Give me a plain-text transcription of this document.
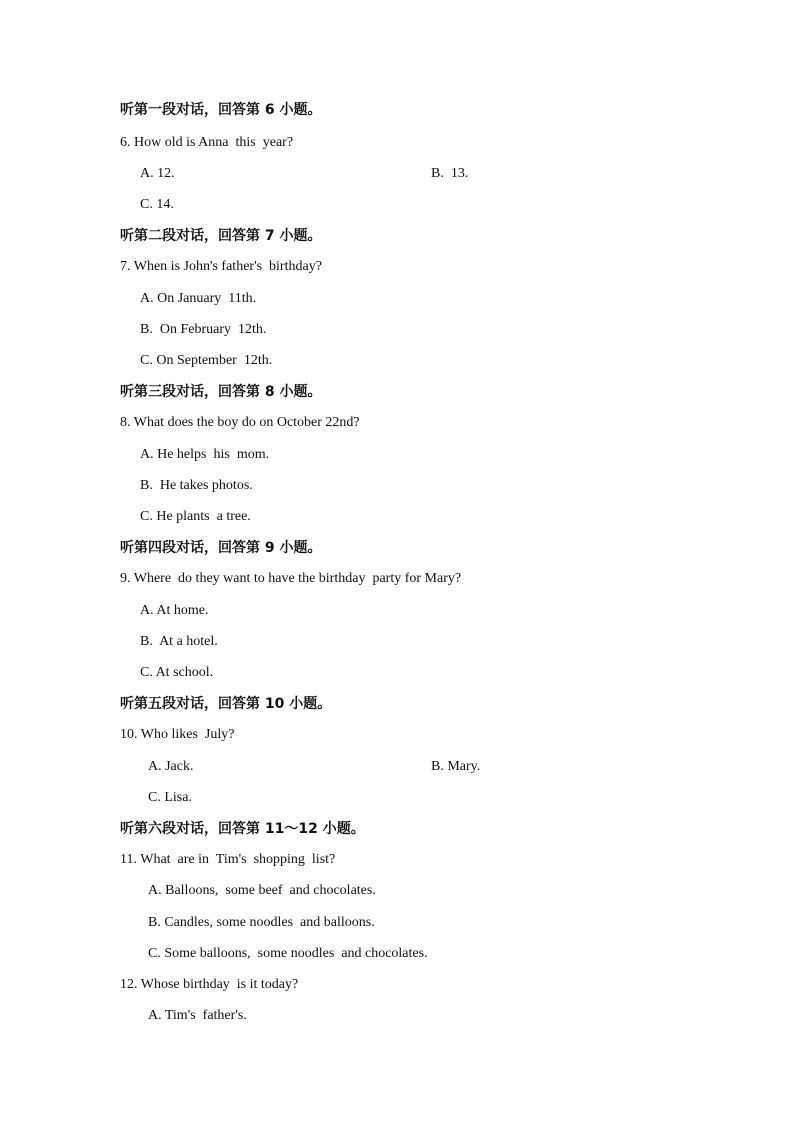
听第一段对话，回答第 6 小题。
6. How old is Anna  this  year?
A. 12.	B.  13.
C. 14.
听第二段对话，回答第 7 小题。
7. When is John's father's  birthday?
A. On January  11th.
B.  On February  12th.
C. On September  12th.
听第三段对话，回答第 8 小题。
8. What does the boy do on October 22nd?
A. He helps  his  mom.
B.  He takes photos.
C. He plants  a tree.
听第四段对话，回答第 9 小题。
9. Where  do they want to have the birthday  party for Mary?
A. At home.
B.  At a hotel.
C. At school.
听第五段对话，回答第 10 小题。
10. Who likes  July?
A. Jack.	B. Mary.
C. Lisa.
听第六段对话，回答第 11～12 小题。
11. What  are in  Tim's  shopping  list?
A. Balloons,  some beef  and chocolates.
B. Candles, some noodles  and balloons.
C. Some balloons,  some noodles  and chocolates.
12. Whose birthday  is it today?
A. Tim's  father's.
